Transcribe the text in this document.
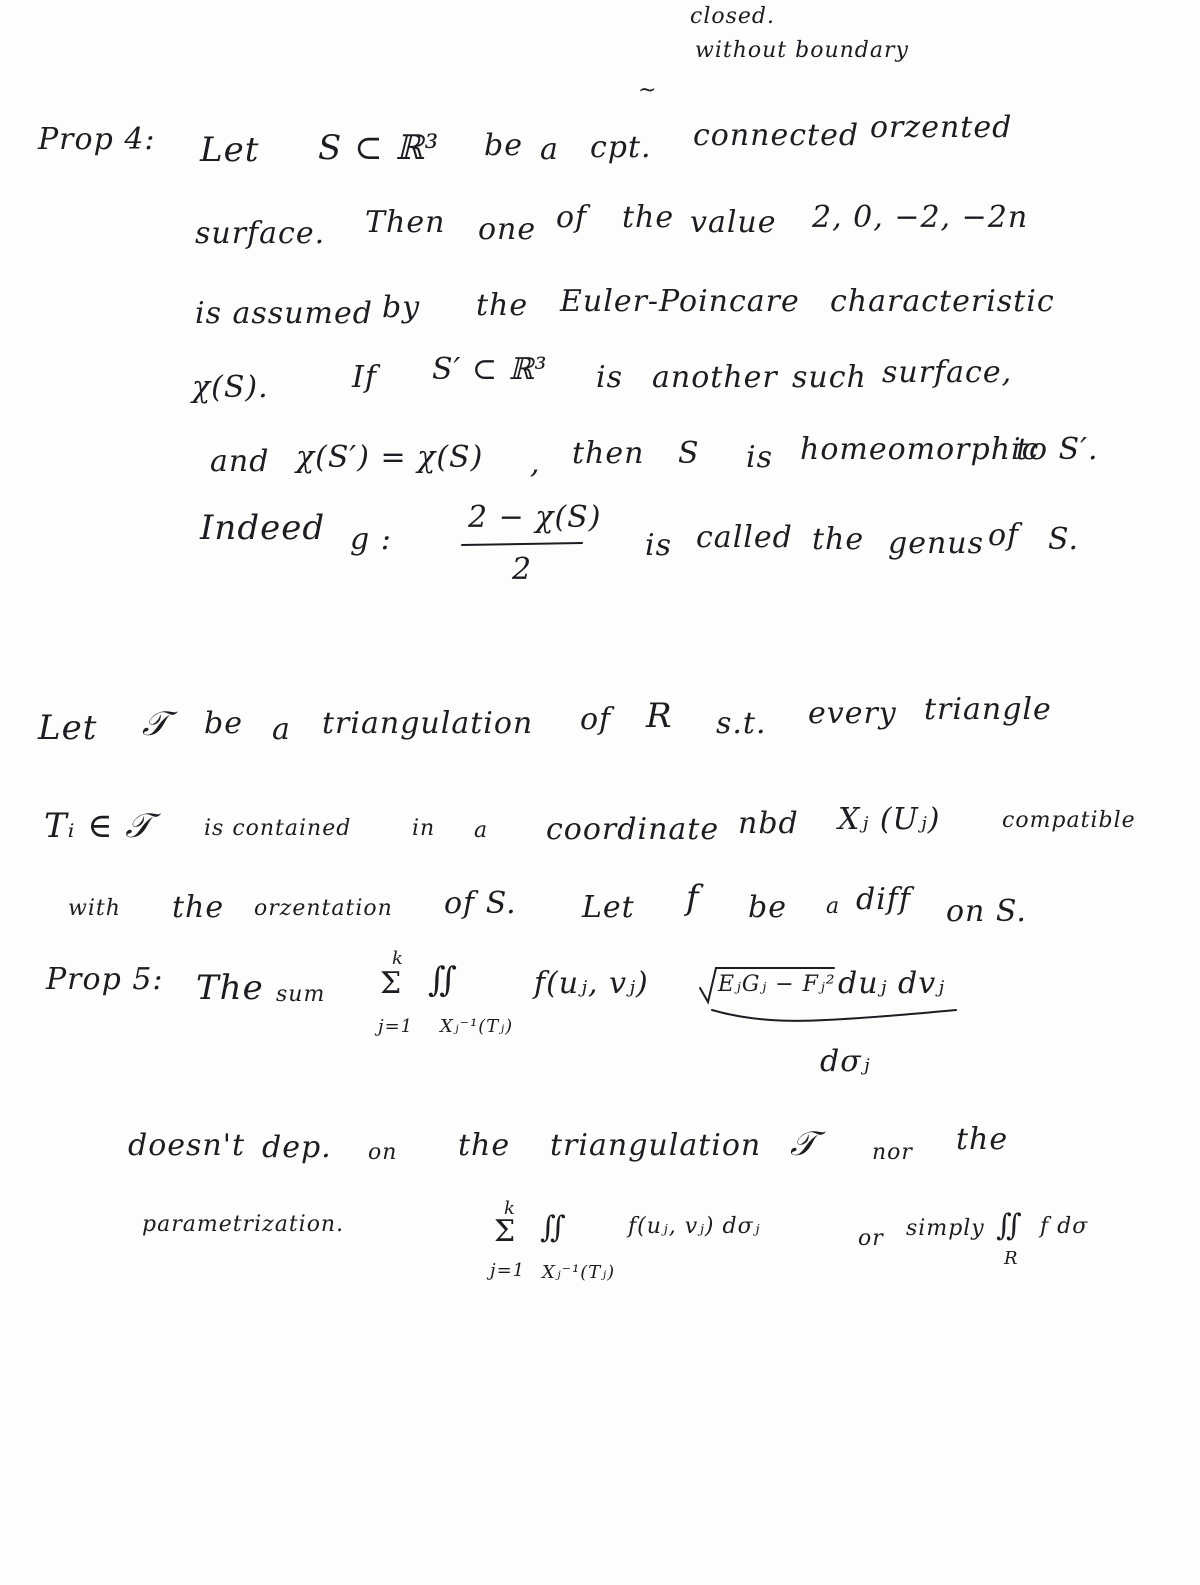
closed.
without boundary
~
Prop 4: Let S ⊂ ℝ³ be a cpt. connected orzented
surface. Then one of the value 2, 0, −2, −2n
is assumed by the Euler-Poincare characteristic
χ(S).	If S′ ⊂ ℝ³ is another such surface,
and χ(S′) = χ(S) , then S is homeomorphic
to S′.
Indeed g :
2 − χ(S)
2
is called the genus of S.
Let 𝒯 be a triangulation of R s.t. every triangle
Tᵢ ∈ 𝒯 is contained	in a coordinate nbd Xⱼ (Uⱼ)	compatible
with the orzentation of S. Let f be a diff on S.
Prop 5: The sum
k
Σ
j=1
∬
Xⱼ⁻¹(Tⱼ)
f(uⱼ, vⱼ)	EⱼGⱼ − Fⱼ² duⱼ dvⱼ
dσⱼ
doesn't dep. on the triangulation 𝒯 nor the
parametrization.
k
Σ
j=1
∬
Xⱼ⁻¹(Tⱼ)
f(uⱼ, vⱼ) dσⱼ	or simply ∬
R
f dσ
